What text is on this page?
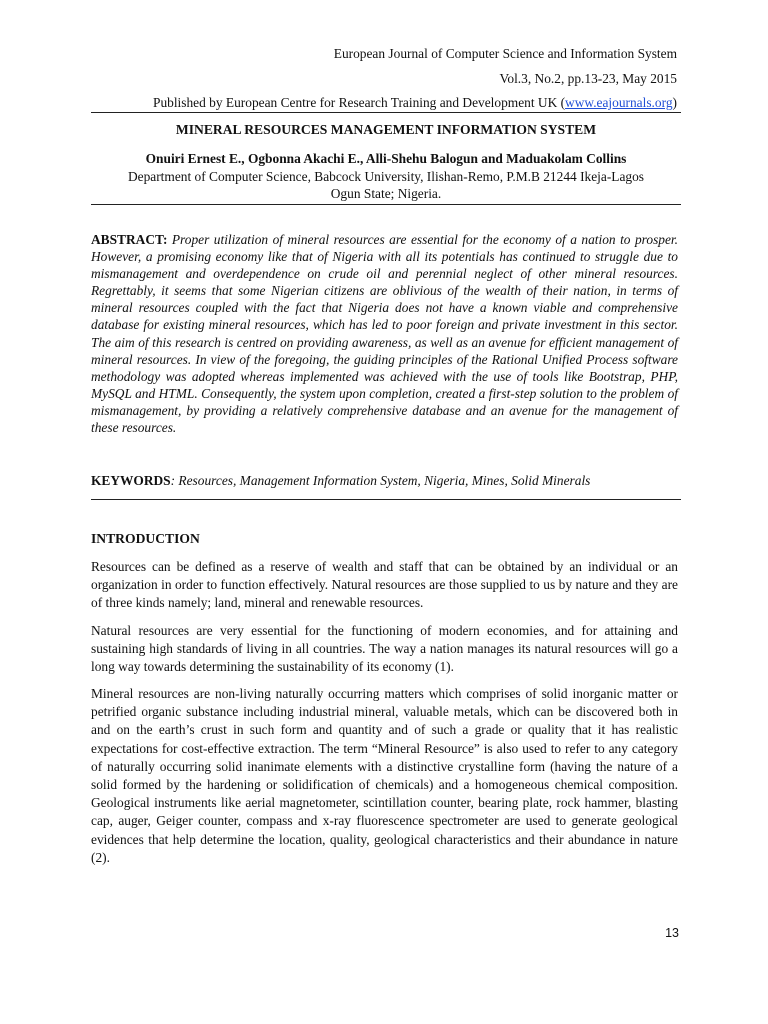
European Journal of Computer Science and Information System
Vol.3, No.2, pp.13-23, May 2015
Published by European Centre for Research Training and Development UK (www.eajournals.org)
MINERAL RESOURCES MANAGEMENT INFORMATION SYSTEM
Onuiri Ernest E., Ogbonna Akachi E., Alli-Shehu Balogun and Maduakolam Collins
Department of Computer Science, Babcock University, Ilishan-Remo, P.M.B 21244 Ikeja-Lagos
Ogun State; Nigeria.
ABSTRACT: Proper utilization of mineral resources are essential for the economy of a nation to prosper. However, a promising economy like that of Nigeria with all its potentials has continued to struggle due to mismanagement and overdependence on crude oil and perennial neglect of other mineral resources. Regrettably, it seems that some Nigerian citizens are oblivious of the wealth of their nation, in terms of mineral resources coupled with the fact that Nigeria does not have a known viable and comprehensive database for existing mineral resources, which has led to poor foreign and private investment in this sector. The aim of this research is centred on providing awareness, as well as an avenue for efficient management of mineral resources. In view of the foregoing, the guiding principles of the Rational Unified Process software methodology was adopted whereas implemented was achieved with the use of tools like Bootstrap, PHP, MySQL and HTML. Consequently, the system upon completion, created a first-step solution to the problem of mismanagement, by providing a relatively comprehensive database and an avenue for the management of these resources.
KEYWORDS: Resources, Management Information System, Nigeria, Mines, Solid Minerals
INTRODUCTION

Resources can be defined as a reserve of wealth and staff that can be obtained by an individual or an organization in order to function effectively. Natural resources are those supplied to us by nature and they are of three kinds namely; land, mineral and renewable resources.

Natural resources are very essential for the functioning of modern economies, and for attaining and sustaining high standards of living in all countries. The way a nation manages its natural resources will go a long way towards determining the sustainability of its economy (1).

Mineral resources are non-living naturally occurring matters which comprises of solid inorganic matter or petrified organic substance including industrial mineral, valuable metals, which can be discovered both in and on the earth’s crust in such form and quantity and of such a grade or quality that it has realistic expectations for cost-effective extraction. The term “Mineral Resource” is also used to refer to any category of naturally occurring solid inanimate elements with a distinctive crystalline form (having the nature of a solid formed by the hardening or solidification of chemicals) and a homogeneous chemical composition. Geological instruments like aerial magnetometer, scintillation counter, bearing plate, rock hammer, blasting cap, auger, Geiger counter, compass and x-ray fluorescence spectrometer are used to generate geological evidences that help determine the location, quality, geological characteristics and their abundance in nature (2).

13
